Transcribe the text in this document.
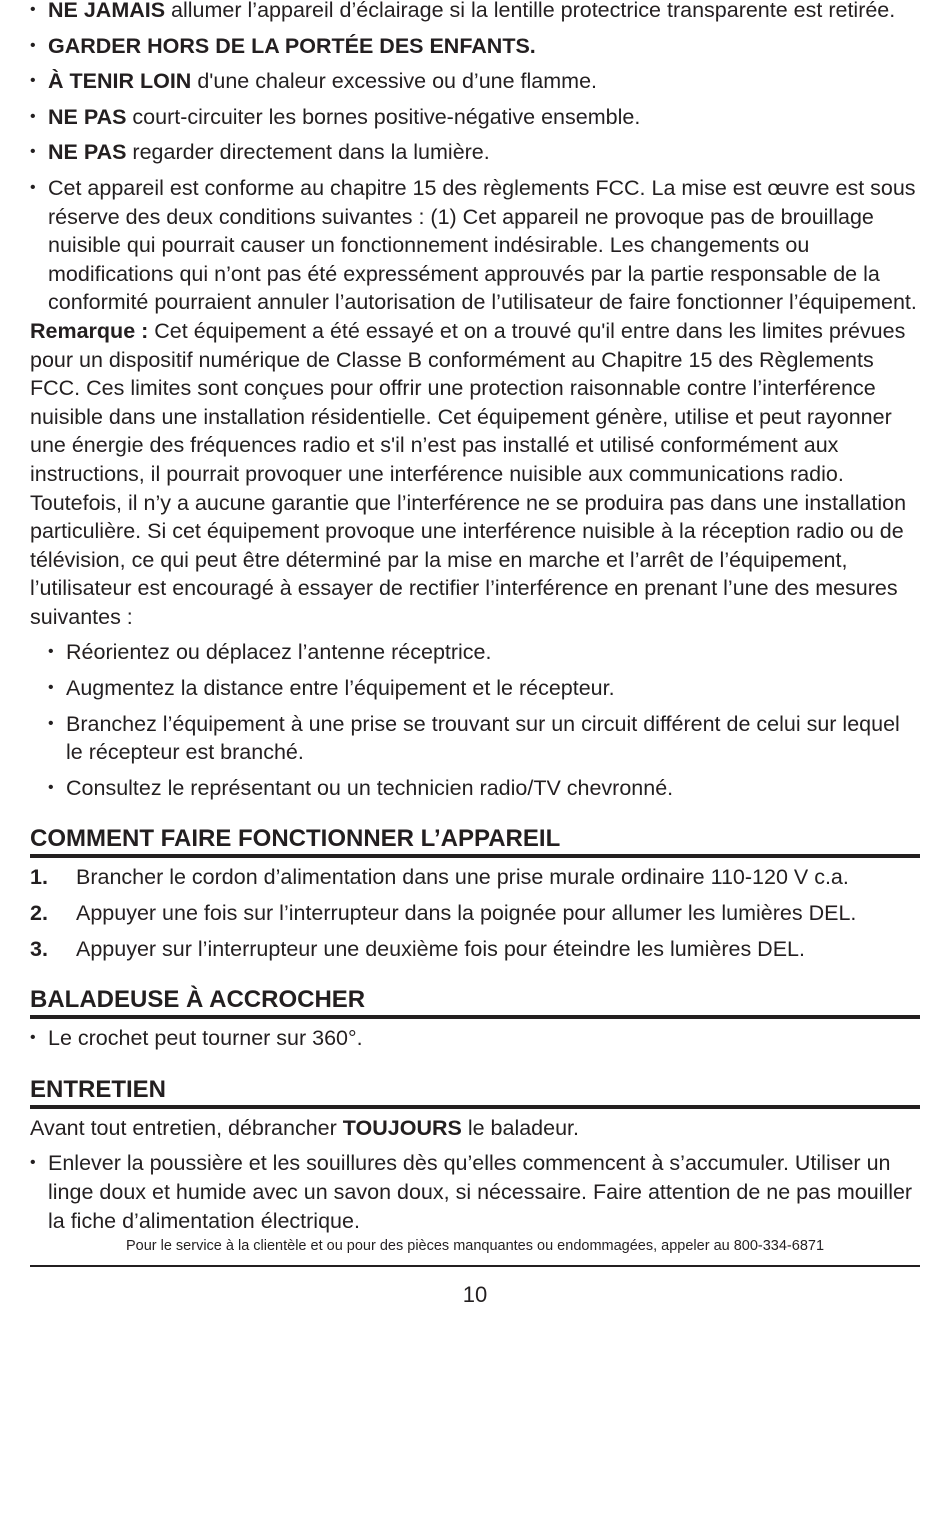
• NE JAMAIS allumer l’appareil d’éclairage si la lentille protectrice transparente est retirée.
• GARDER HORS DE LA PORTÉE DES ENFANTS.
• À TENIR LOIN d'une chaleur excessive ou d’une flamme.
• NE PAS court-circuiter les bornes positive-négative ensemble.
• NE PAS regarder directement dans la lumière.
• Cet appareil est conforme au chapitre 15 des règlements FCC. La mise est œuvre est sous réserve des deux conditions suivantes : (1) Cet appareil ne provoque pas de brouillage nuisible qui pourrait causer un fonctionnement indésirable. Les changements ou modifications qui n’ont pas été expressément approuvés par la partie responsable de la conformité pourraient annuler l’autorisation de l’utilisateur de faire fonctionner l’équipement.

Remarque : Cet équipement a été essayé et on a trouvé qu'il entre dans les limites prévues pour un dispositif numérique de Classe B conformément au Chapitre 15 des Règlements FCC. Ces limites sont conçues pour offrir une protection raisonnable contre l’interférence nuisible dans une installation résidentielle. Cet équipement génère, utilise et peut rayonner une énergie des fréquences radio et s'il n’est pas installé et utilisé conformément aux instructions, il pourrait provoquer une interférence nuisible aux communications radio. Toutefois, il n’y a aucune garantie que l’interférence ne se produira pas dans une installation particulière. Si cet équipement provoque une interférence nuisible à la réception radio ou de télévision, ce qui peut être déterminé par la mise en marche et l’arrêt de l’équipement, l’utilisateur est encouragé à essayer de rectifier l’interférence en prenant l’une des mesures suivantes :

• Réorientez ou déplacez l’antenne réceptrice.
• Augmentez la distance entre l’équipement et le récepteur.
• Branchez l’équipement à une prise se trouvant sur un circuit différent de celui sur lequel le récepteur est branché.
• Consultez le représentant ou un technicien radio/TV chevronné.
COMMENT FAIRE FONCTIONNER L’APPAREIL
1. Brancher le cordon d’alimentation dans une prise murale ordinaire 110-120 V c.a.
2. Appuyer une fois sur l’interrupteur dans la poignée pour allumer les lumières DEL.
3. Appuyer sur l’interrupteur une deuxième fois pour éteindre les lumières DEL.
BALADEUSE À ACCROCHER
• Le crochet peut tourner sur 360°.
ENTRETIEN

Avant tout entretien, débrancher TOUJOURS le baladeur.

• Enlever la poussière et les souillures dès qu’elles commencent à s’accumuler. Utiliser un linge doux et humide avec un savon doux, si nécessaire. Faire attention de ne pas mouiller la fiche d’alimentation électrique.
Pour le service à la clientèle et ou pour des pièces manquantes ou endommagées, appeler au 800-334-6871
10
